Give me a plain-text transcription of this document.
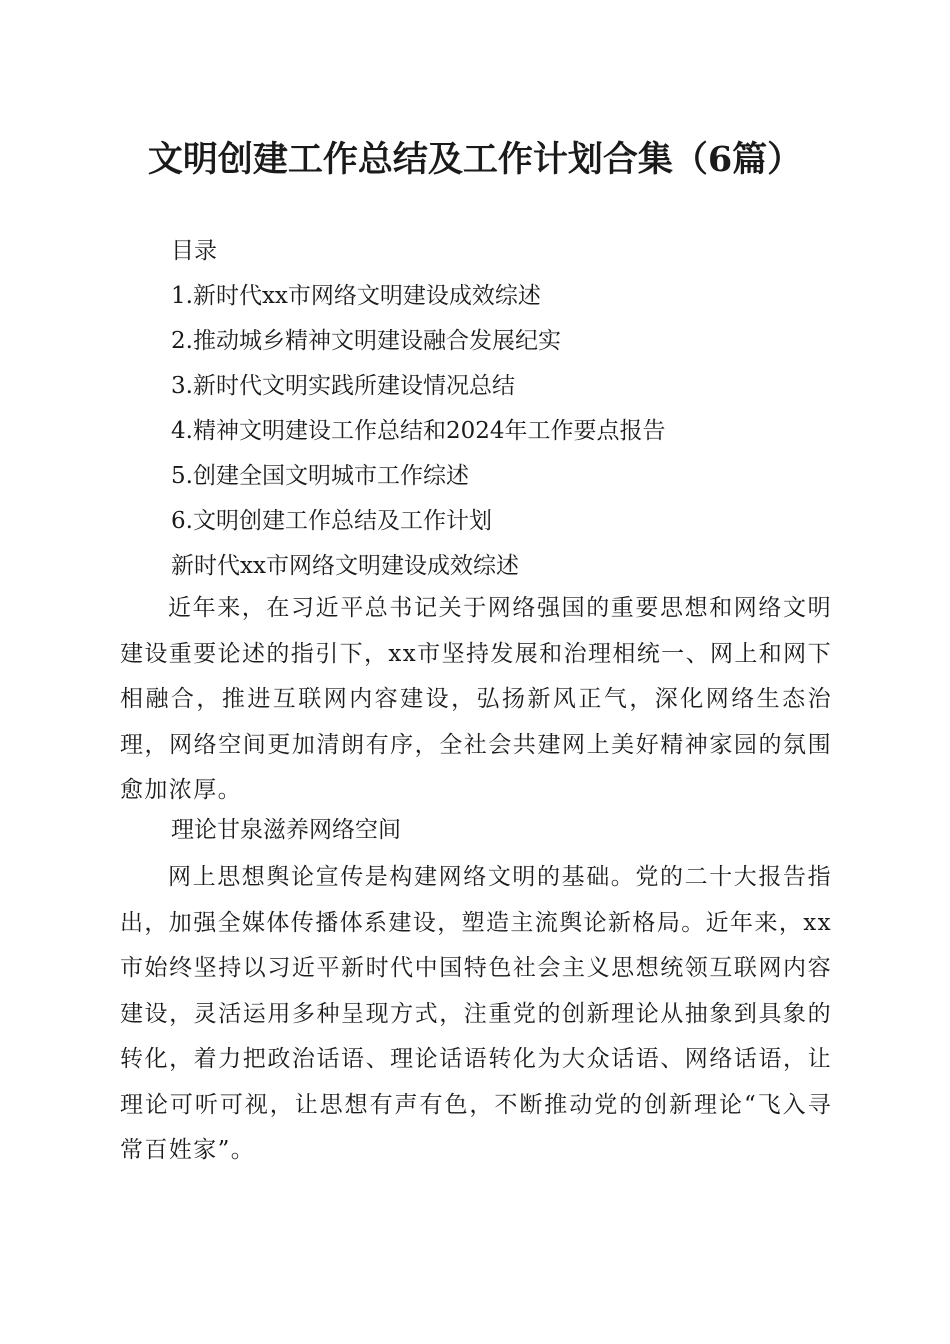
文明创建工作总结及工作计划合集（6篇）
目录
1.新时代xx市网络文明建设成效综述
2.推动城乡精神文明建设融合发展纪实
3.新时代文明实践所建设情况总结
4.精神文明建设工作总结和2024年工作要点报告
5.创建全国文明城市工作综述
6.文明创建工作总结及工作计划
新时代xx市网络文明建设成效综述

近年来，在习近平总书记关于网络强国的重要思想和网络文明建设重要论述的指引下，xx市坚持发展和治理相统一、网上和网下相融合，推进互联网内容建设，弘扬新风正气，深化网络生态治理，网络空间更加清朗有序，全社会共建网上美好精神家园的氛围愈加浓厚。

理论甘泉滋养网络空间

网上思想舆论宣传是构建网络文明的基础。党的二十大报告指出，加强全媒体传播体系建设，塑造主流舆论新格局。近年来，xx市始终坚持以习近平新时代中国特色社会主义思想统领互联网内容建设，灵活运用多种呈现方式，注重党的创新理论从抽象到具象的转化，着力把政治话语、理论话语转化为大众话语、网络话语，让理论可听可视，让思想有声有色，不断推动党的创新理论“飞入寻常百姓家”。
